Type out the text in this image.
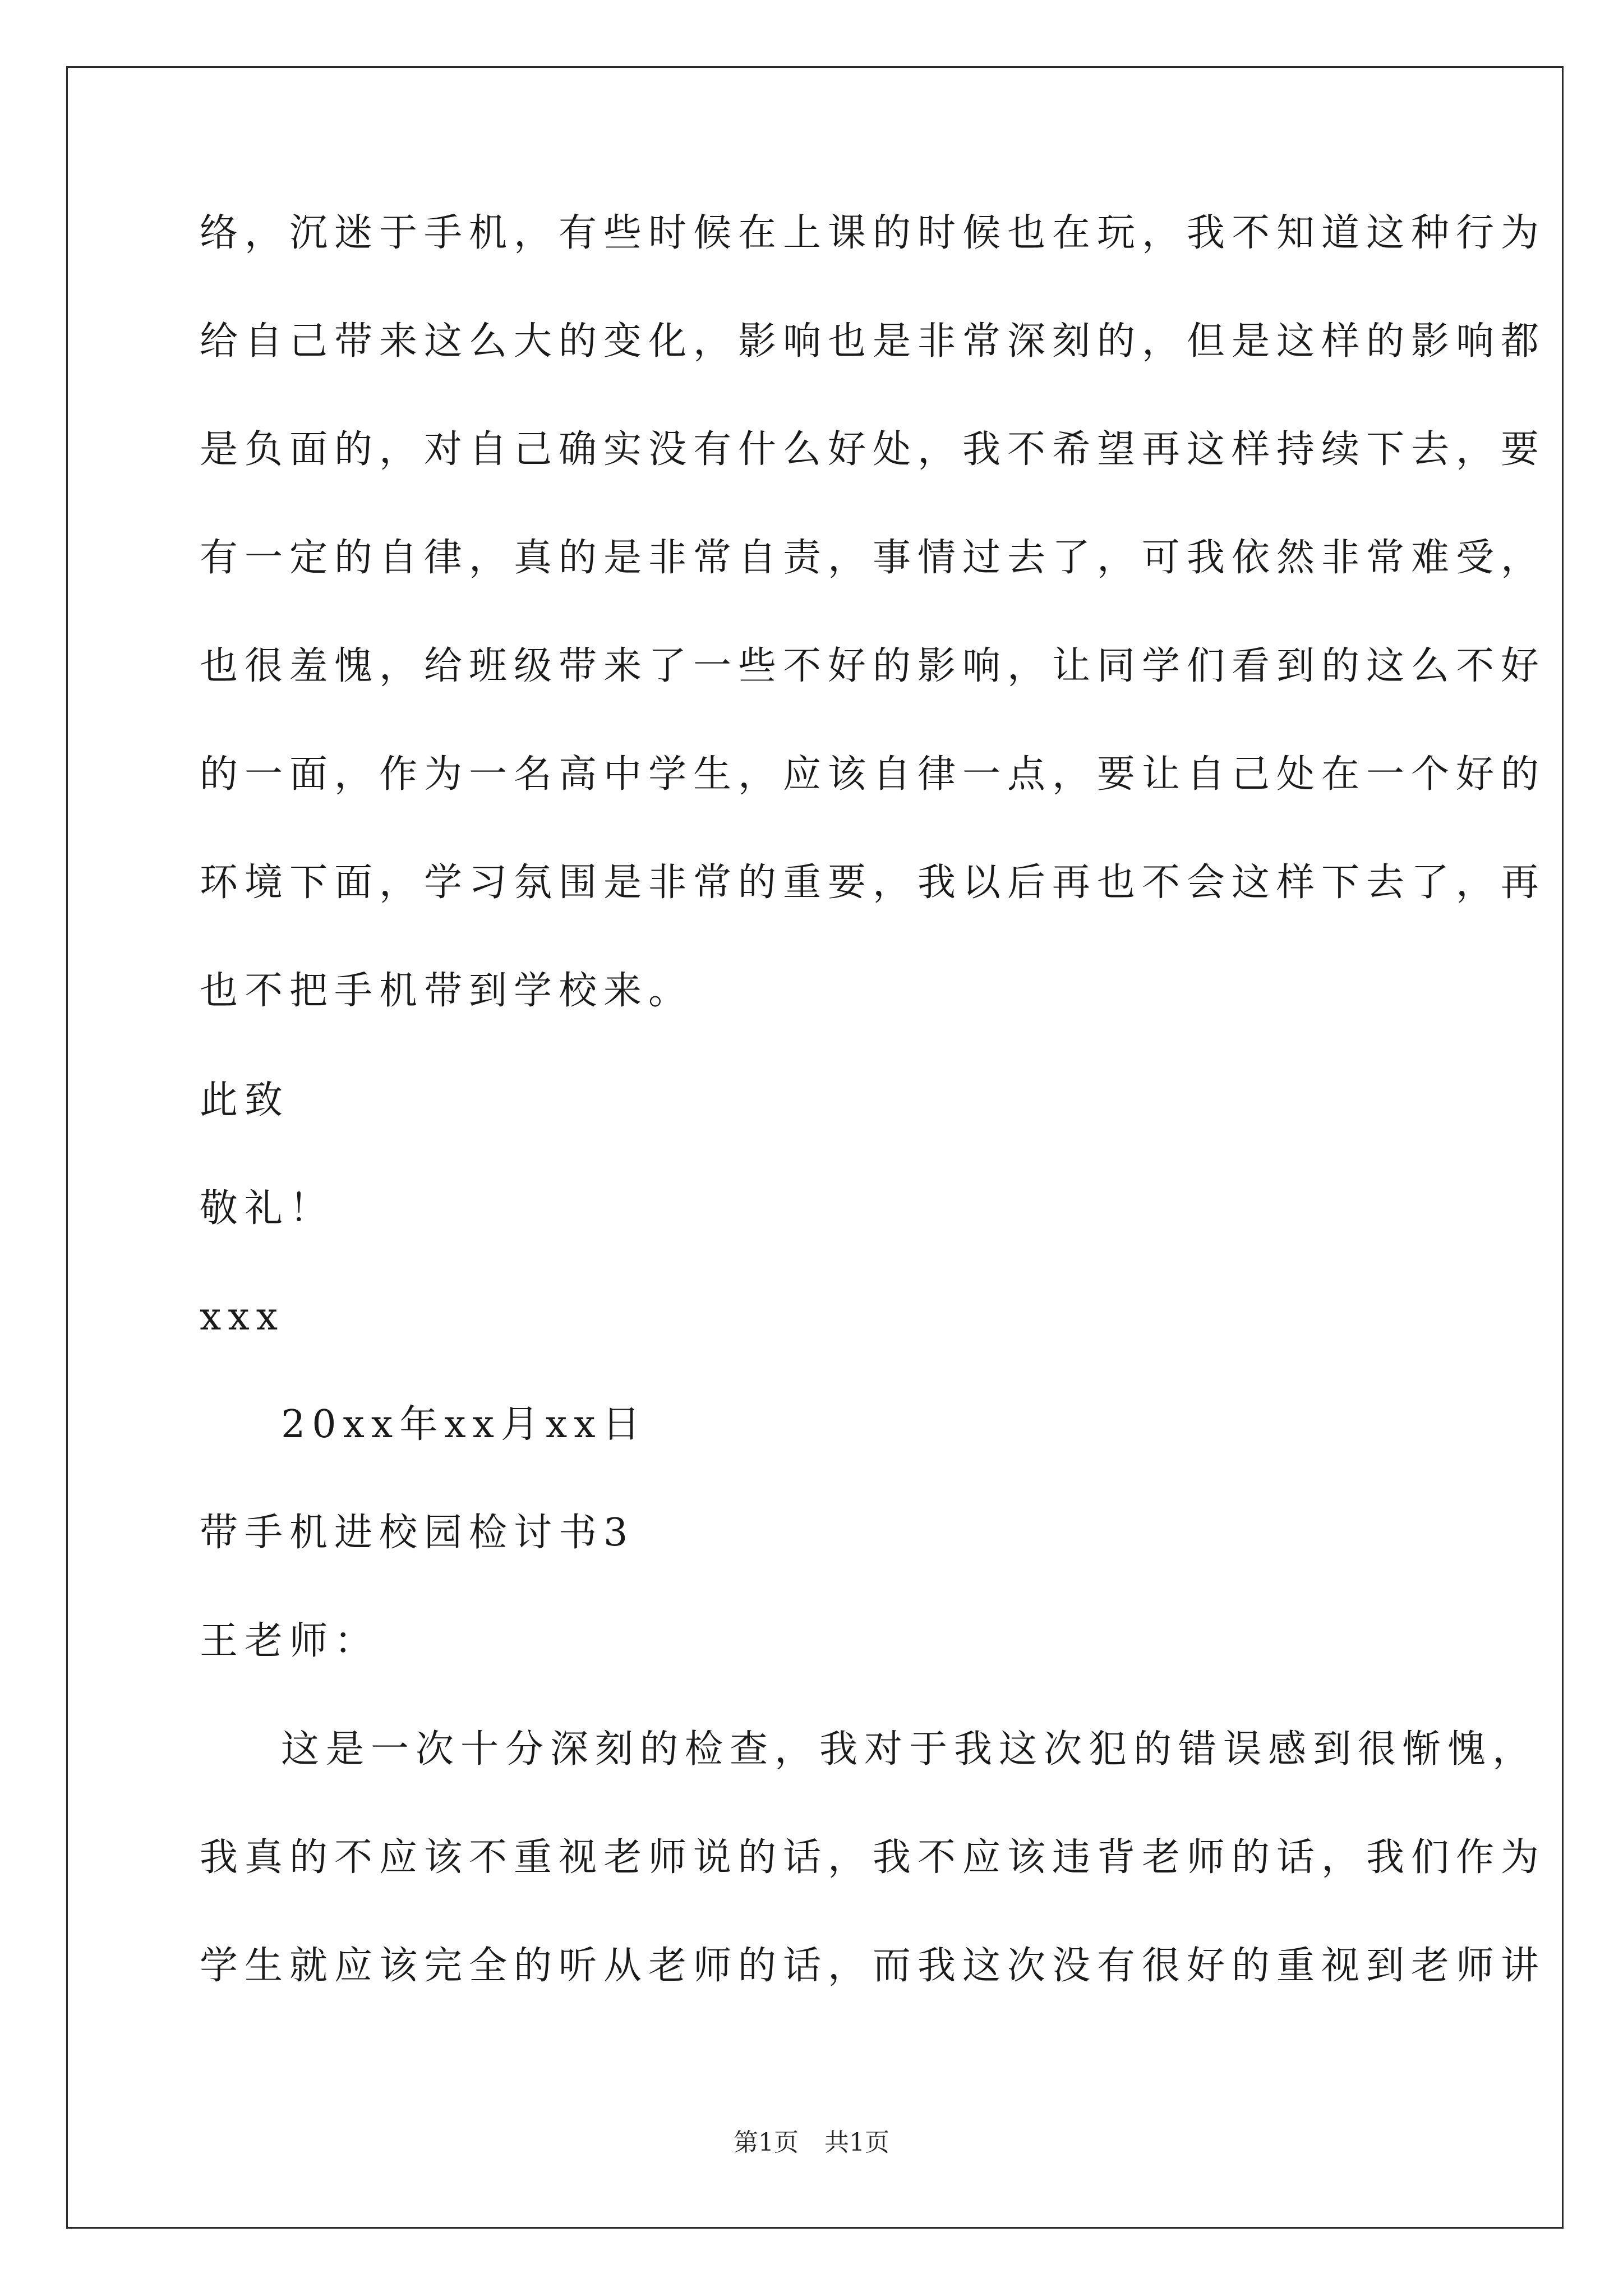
络，沉迷于手机，有些时候在上课的时候也在玩，我不知道这种行为
给自己带来这么大的变化，影响也是非常深刻的，但是这样的影响都
是负面的，对自己确实没有什么好处，我不希望再这样持续下去，要
有一定的自律，真的是非常自责，事情过去了，可我依然非常难受，
也很羞愧，给班级带来了一些不好的影响，让同学们看到的这么不好
的一面，作为一名高中学生，应该自律一点，要让自己处在一个好的
环境下面，学习氛围是非常的重要，我以后再也不会这样下去了，再
也不把手机带到学校来。
此致
敬礼！
xxx
20xx年xx月xx日
带手机进校园检讨书3
王老师：
这是一次十分深刻的检查，我对于我这次犯的错误感到很惭愧，
我真的不应该不重视老师说的话，我不应该违背老师的话，我们作为
学生就应该完全的听从老师的话，而我这次没有很好的重视到老师讲
第1页 共1页
